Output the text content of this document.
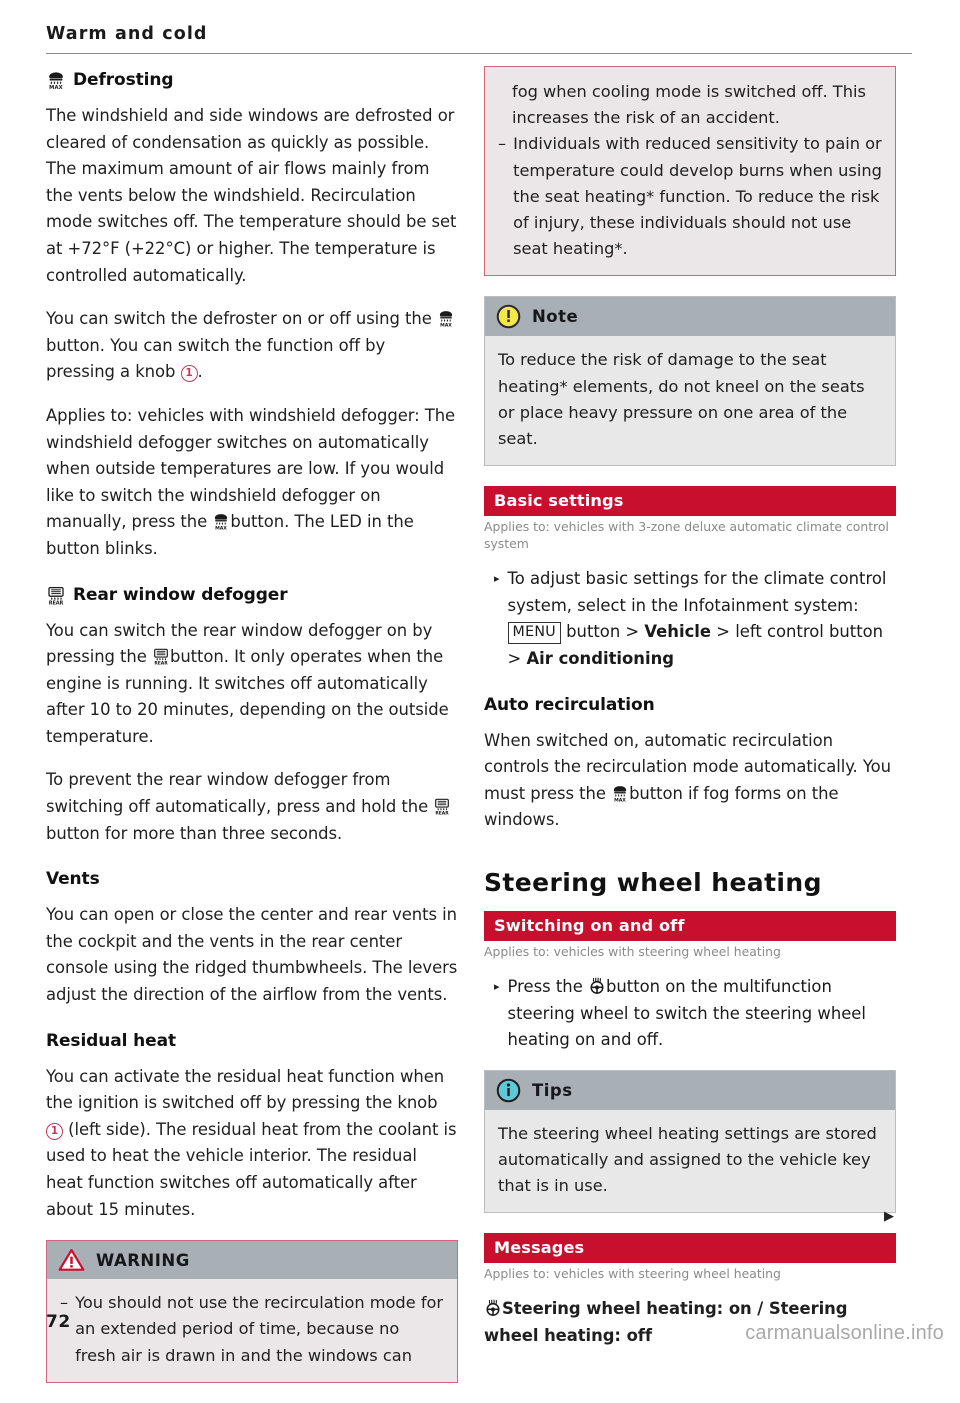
Warm and cold
MAX Defrosting

The windshield and side windows are defrosted or cleared of condensation as quickly as possible. The maximum amount of air flows mainly from the vents below the windshield. Recirculation mode switches off. The temperature should be set at +72°F (+22°C) or higher. The temperature is controlled automatically.

You can switch the defroster on or off using the MAX
button. You can switch the function off by pressing a knob 1 .

Applies to: vehicles with windshield defogger: The windshield defogger switches on automatically when outside temperatures are low. If you would like to switch the windshield defogger on manually, press the MAX button. The LED in the button blinks.

REAR Rear window defogger

You can switch the rear window defogger on by pressing the REAR button. It only operates when the engine is running. It switches off automatically after 10 to 20 minutes, depending on the outside temperature.

To prevent the rear window defogger from switching off automatically, press and hold the REAR
button for more than three seconds.

Vents

You can open or close the center and rear vents in the cockpit and the vents in the rear center console using the ridged thumbwheels. The levers adjust the direction of the airflow from the vents.

Residual heat

You can activate the residual heat function when the ignition is switched off by pressing the knob 1 (left side). The residual heat from the coolant is used to heat the vehicle interior. The residual heat function switches off automatically after about 15 minutes.

WARNING
– You should not use the recirculation mode for an extended period of time, because no fresh air is drawn in and the windows can

fog when cooling mode is switched off. This increases the risk of an accident.

– Individuals with reduced sensitivity to pain or temperature could develop burns when using the seat heating* function. To reduce the risk of injury, these individuals should not use seat heating*.
Note

To reduce the risk of damage to the seat heating* elements, do not kneel on the seats or place heavy pressure on one area of the seat.

Basic settings
Applies to: vehicles with 3-zone deluxe automatic climate control system
▸ To adjust basic settings for the climate control system, select in the Infotainment system: MENU button > Vehicle > left control button > Air conditioning
Auto recirculation

When switched on, automatic recirculation controls the recirculation mode automatically. You must press the MAX button if fog forms on the windows.

Steering wheel heating
Switching on and off
Applies to: vehicles with steering wheel heating
▸ Press the button on the multifunction steering wheel to switch the steering wheel heating on and off.
Tips

The steering wheel heating settings are stored automatically and assigned to the vehicle key that is in use.

Messages
Applies to: vehicles with steering wheel heating

Steering wheel heating: on / Steering wheel heating: off

▶
72	carmanualsonline.info
